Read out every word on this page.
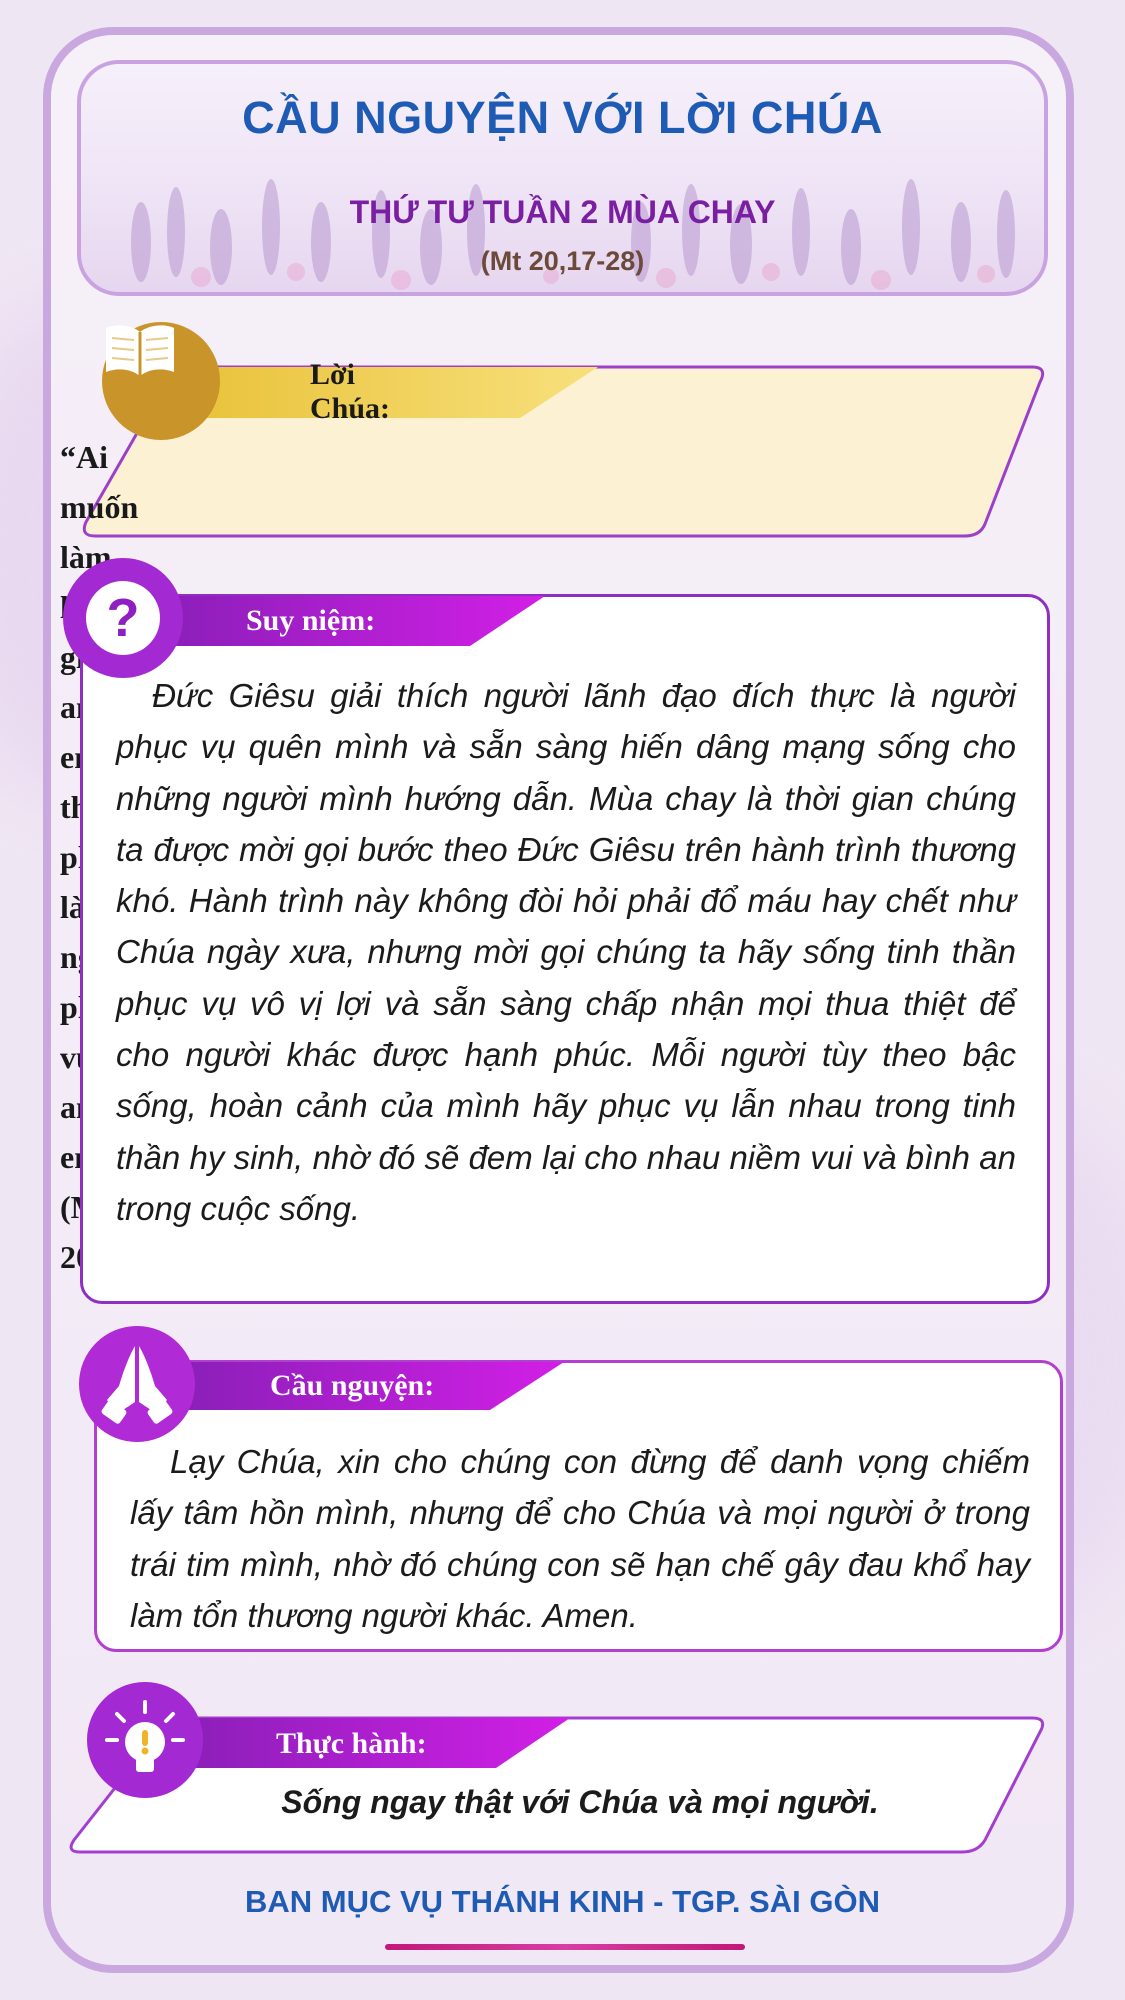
CẦU NGUYỆN VỚI LỜI CHÚA
THỨ TƯ TUẦN 2 MÙA CHAY
(Mt 20,17-28)
Lời Chúa:
?	Suy niệm:
Đức Giêsu giải thích người lãnh đạo đích thực là người phục vụ quên mình và sẵn sàng hiến dâng mạng sống cho những người mình hướng dẫn. Mùa chay là thời gian chúng ta được mời gọi bước theo Đức Giêsu trên hành trình thương khó. Hành trình này không đòi hỏi phải đổ máu hay chết như Chúa ngày xưa, nhưng mời gọi chúng ta hãy sống tinh thần phục vụ vô vị lợi và sẵn sàng chấp nhận mọi thua thiệt để cho người khác được hạnh phúc. Mỗi người tùy theo bậc sống, hoàn cảnh của mình hãy phục vụ lẫn nhau trong tinh thần hy sinh, nhờ đó sẽ đem lại cho nhau niềm vui và bình an trong cuộc sống.
Cầu nguyện:
Lạy Chúa, xin cho chúng con đừng để danh vọng chiếm lấy tâm hồn mình, nhưng để cho Chúa và mọi người ở trong trái tim mình, nhờ đó chúng con sẽ hạn chế gây đau khổ hay làm tổn thương người khác. Amen.
Thực hành:
Sống ngay thật với Chúa và mọi người.
BAN MỤC VỤ THÁNH KINH - TGP. SÀI GÒN
